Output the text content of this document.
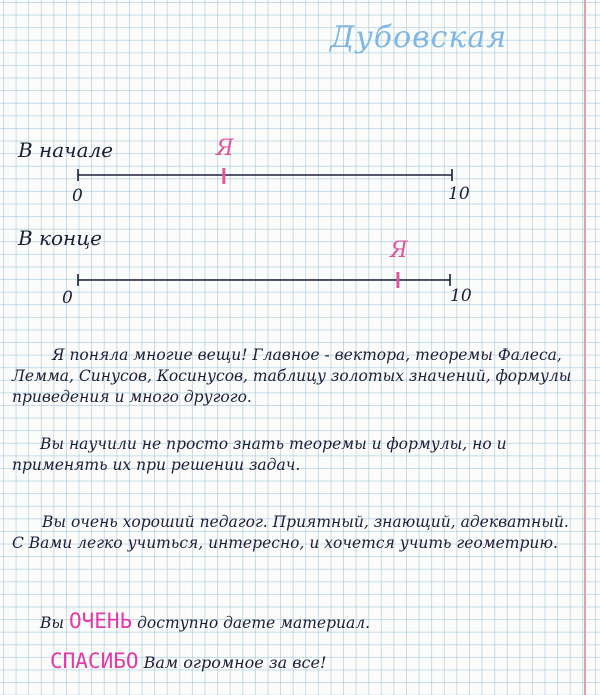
Дубовская
В начале
0	10
Я
В конце
0	10
Я
Я поняла многие вещи! Главное - вектора, теоремы Фалеса, Лемма, Синусов, Косинусов, таблицу золотых значений, формулы приведения и много другого.
Вы научили не просто знать теоремы и формулы, но и применять их при решении задач.
Вы очень хороший педагог. Приятный, знающий, адекватный. С Вами легко учиться, интересно, и хочется учить геометрию.
Вы ОЧЕНЬ доступно даете материал.
СПАСИБО Вам огромное за все!
